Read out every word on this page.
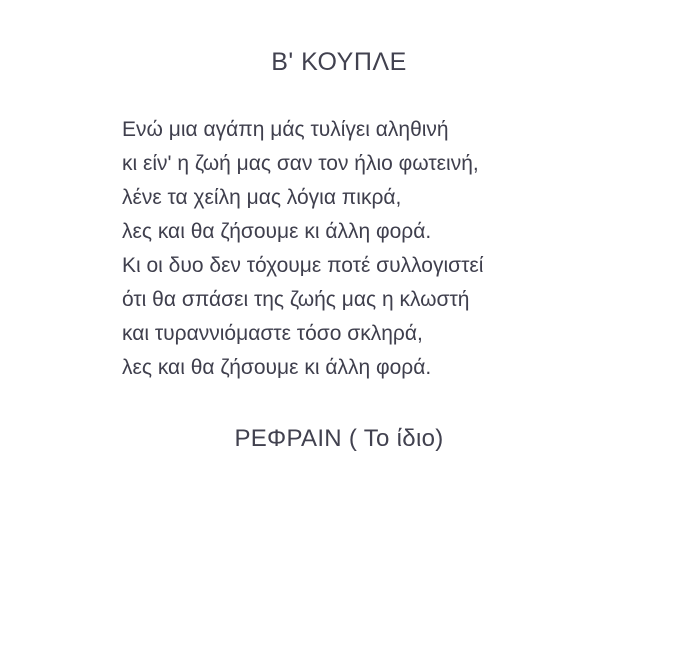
Β' ΚΟΥΠΛΕ
Ενώ μια αγάπη μάς τυλίγει αληθινή
κι είν' η ζωή μας σαν τον ήλιο φωτεινή,
λένε τα χείλη μας λόγια πικρά,
λες και θα ζήσουμε κι άλλη φορά.
Κι οι δυο δεν τόχουμε ποτέ συλλογιστεί
ότι θα σπάσει της ζωής μας η κλωστή
και τυραννιόμαστε τόσο σκληρά,
λες και θα ζήσουμε κι άλλη φορά.
ΡΕΦΡΑΙΝ ( Το ίδιο)
